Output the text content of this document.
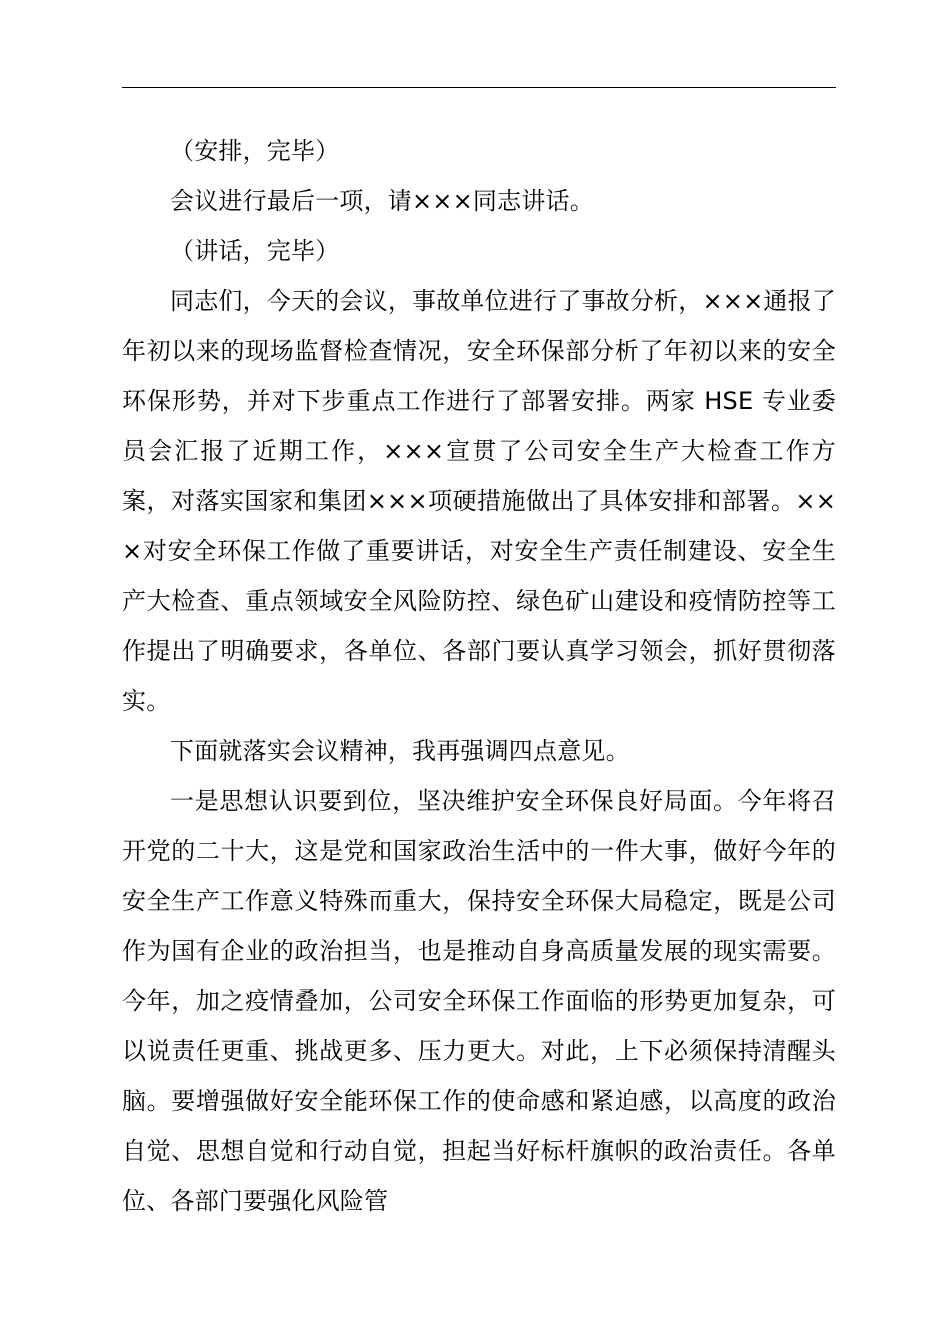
（安排，完毕）

会议进行最后一项，请×××同志讲话。

（讲话，完毕）

同志们，今天的会议，事故单位进行了事故分析，×××通报了年初以来的现场监督检查情况，安全环保部分析了年初以来的安全环保形势，并对下步重点工作进行了部署安排。两家 HSE 专业委员会汇报了近期工作，×××宣贯了公司安全生产大检查工作方案，对落实国家和集团×××项硬措施做出了具体安排和部署。×××对安全环保工作做了重要讲话，对安全生产责任制建设、安全生产大检查、重点领域安全风险防控、绿色矿山建设和疫情防控等工作提出了明确要求，各单位、各部门要认真学习领会，抓好贯彻落实。

下面就落实会议精神，我再强调四点意见。

一是思想认识要到位，坚决维护安全环保良好局面。今年将召开党的二十大，这是党和国家政治生活中的一件大事，做好今年的安全生产工作意义特殊而重大，保持安全环保大局稳定，既是公司作为国有企业的政治担当，也是推动自身高质量发展的现实需要。今年，加之疫情叠加，公司安全环保工作面临的形势更加复杂，可以说责任更重、挑战更多、压力更大。对此，上下必须保持清醒头脑。要增强做好安全能环保工作的使命感和紧迫感，以高度的政治自觉、思想自觉和行动自觉，担起当好标杆旗帜的政治责任。各单位、各部门要强化风险管
